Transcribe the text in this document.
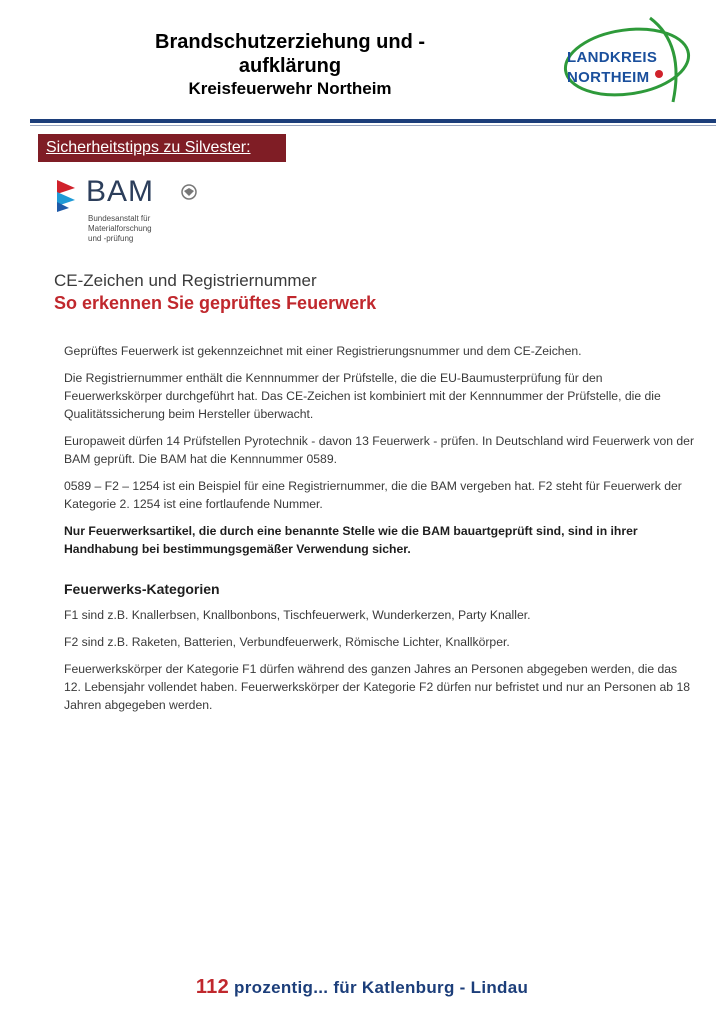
Brandschutzerziehung und -
aufklärung
Kreisfeuerwehr Northeim
LANDKREIS
NORTHEIM
Sicherheitstipps zu Silvester:
BAM
Bundesanstalt für
Materialforschung
und -prüfung
CE-Zeichen und Registriernummer
So erkennen Sie geprüftes Feuerwerk

Geprüftes Feuerwerk ist gekennzeichnet mit einer Registrierungsnummer und dem CE-Zeichen.

Die Registriernummer enthält die Kennnummer der Prüfstelle, die die EU-Baumusterprüfung für den Feuerwerkskörper durchgeführt hat. Das CE-Zeichen ist kombiniert mit der Kennnummer der Prüfstelle, die die Qualitätssicherung beim Hersteller überwacht.

Europaweit dürfen 14 Prüfstellen Pyrotechnik - davon 13 Feuerwerk - prüfen. In Deutschland wird Feuerwerk von der BAM geprüft. Die BAM hat die Kennnummer 0589.

0589 – F2 – 1254 ist ein Beispiel für eine Registriernummer, die die BAM vergeben hat. F2 steht für Feuerwerk der Kategorie 2. 1254 ist eine fortlaufende Nummer.

Nur Feuerwerksartikel, die durch eine benannte Stelle wie die BAM bauartgeprüft sind, sind in ihrer Handhabung bei bestimmungsgemäßer Verwendung sicher.

Feuerwerks-Kategorien

F1 sind z.B. Knallerbsen, Knallbonbons, Tischfeuerwerk, Wunderkerzen, Party Knaller.

F2 sind z.B. Raketen, Batterien, Verbundfeuerwerk, Römische Lichter, Knallkörper.

Feuerwerkskörper der Kategorie F1 dürfen während des ganzen Jahres an Personen abgegeben werden, die das 12. Lebensjahr vollendet haben. Feuerwerkskörper der Kategorie F2 dürfen nur befristet und nur an Personen ab 18 Jahren abgegeben werden.

112 prozentig... für Katlenburg - Lindau
